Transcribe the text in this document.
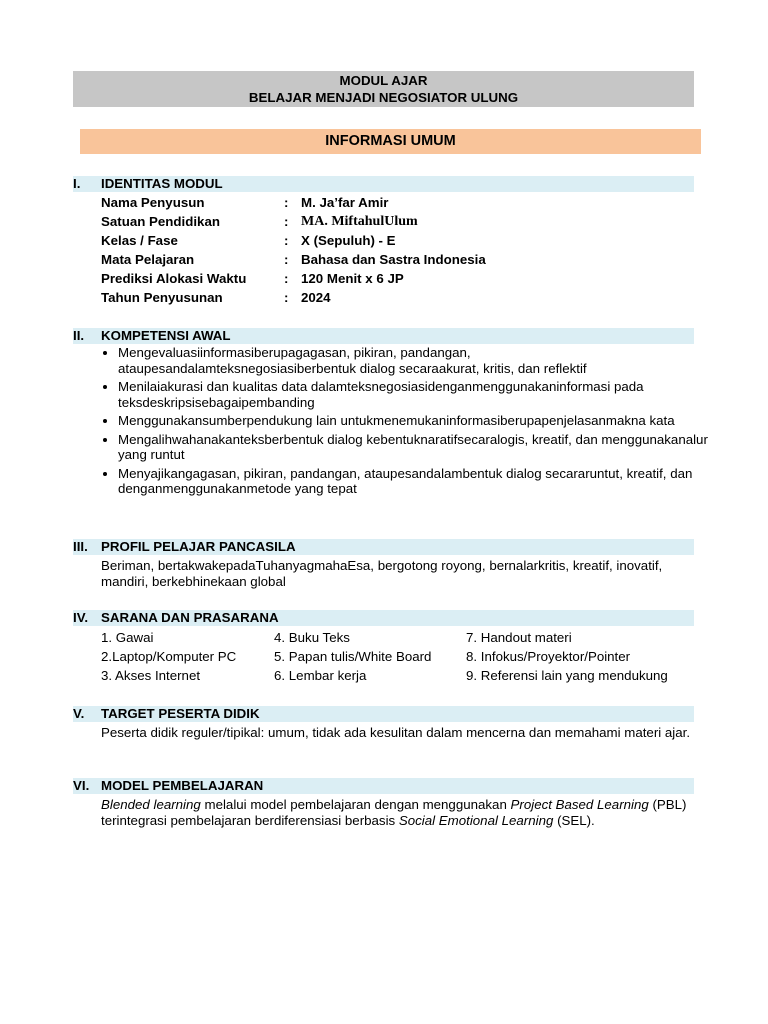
MODUL AJAR
BELAJAR MENJADI NEGOSIATOR ULUNG
INFORMASI UMUM
I. IDENTITAS MODUL
Nama Penyusun	: M. Ja’far Amir
Satuan Pendidikan	: MA. MiftahulUlum
Kelas / Fase	: X (Sepuluh) - E
Mata Pelajaran	: Bahasa dan Sastra Indonesia
Prediksi Alokasi Waktu	: 120 Menit x 6 JP
Tahun Penyusunan	: 2024
II. KOMPETENSI AWAL
• Mengevaluasiinformasiberupagagasan, pikiran, pandangan, ataupesandalamteksnegosiasiberbentuk dialog secaraakurat, kritis, dan reflektif
• Menilaiakurasi dan kualitas data dalamteksnegosiasidenganmenggunakaninformasi pada teksdeskripsisebagaipembanding
• Menggunakansumberpendukung lain untukmenemukaninformasiberupapenjelasanmakna kata
• Mengalihwahanakanteksberbentuk dialog kebentuknaratifsecaralogis, kreatif, dan menggunakanalur yang runtut
• Menyajikangagasan, pikiran, pandangan, ataupesandalambentuk dialog secararuntut, kreatif, dan denganmenggunakanmetode yang tepat
III. PROFIL PELAJAR PANCASILA
Beriman, bertakwakepadaTuhanyagmahaEsa, bergotong royong, bernalarkritis, kreatif, inovatif, mandiri, berkebhinekaan global
IV. SARANA DAN PRASARANA
1. Gawai	4. Buku Teks	7. Handout materi
2.Laptop/Komputer PC	5. Papan tulis/White Board	8. Infokus/Proyektor/Pointer
3. Akses Internet	6. Lembar kerja	9. Referensi lain yang mendukung
V. TARGET PESERTA DIDIK
Peserta didik reguler/tipikal: umum, tidak ada kesulitan dalam mencerna dan memahami materi ajar.
VI. MODEL PEMBELAJARAN
Blended learning melalui model pembelajaran dengan menggunakan Project Based Learning (PBL) terintegrasi pembelajaran berdiferensiasi berbasis Social Emotional Learning (SEL).
